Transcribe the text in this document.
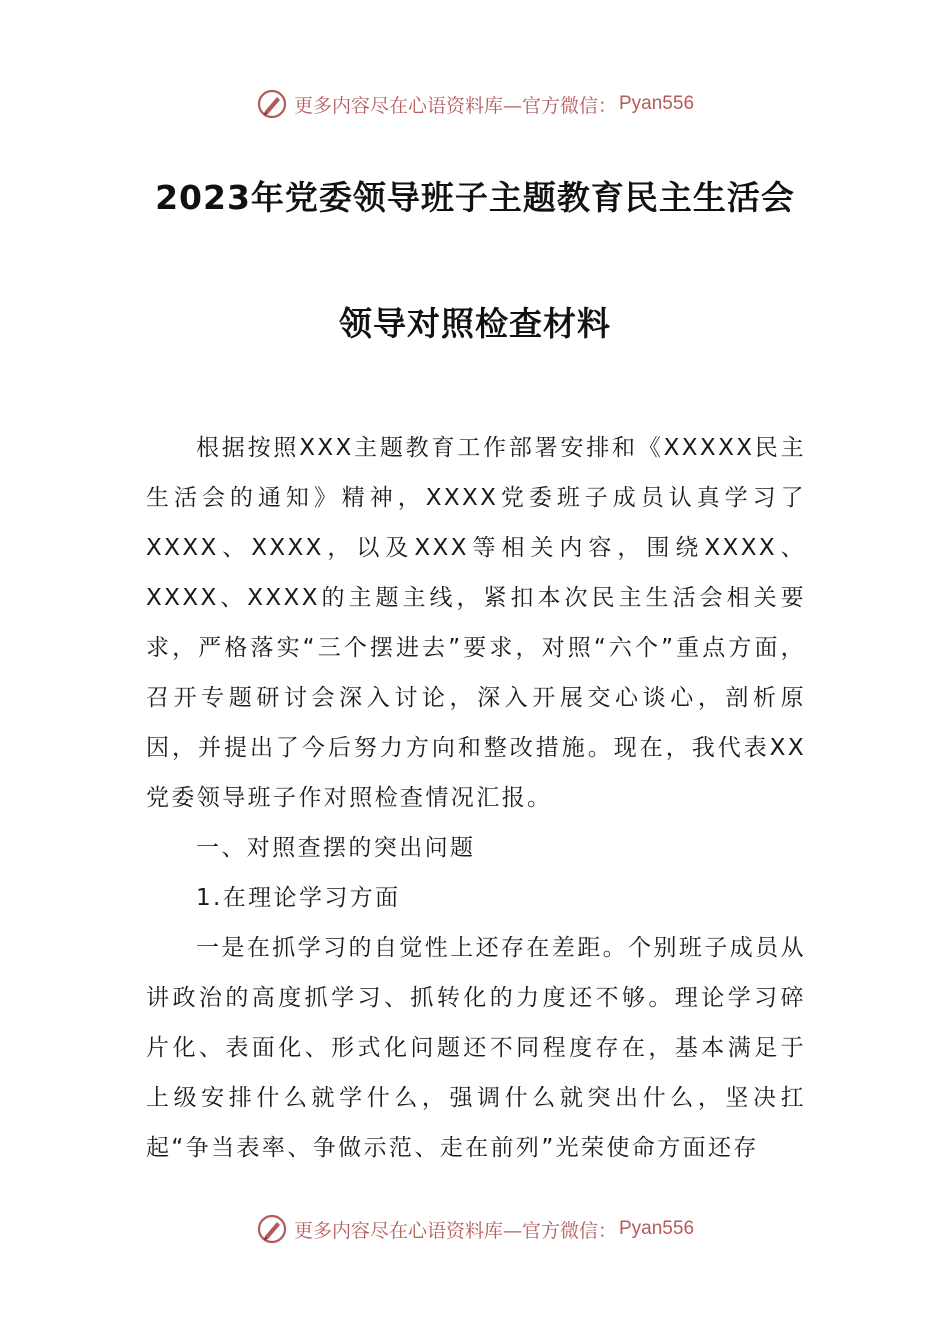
更多内容尽在心语资料库—官方微信： Pyan556
2023年党委领导班子主题教育民主生活会
领导对照检查材料
根据按照XXX主题教育工作部署安排和《XXXXX民主生活会的通知》精神，XXXX党委班子成员认真学习了XXXX、XXXX，以及XXX等相关内容，围绕XXXX、XXXX、XXXX的主题主线，紧扣本次民主生活会相关要求，严格落实“三个摆进去”要求，对照“六个”重点方面，召开专题研讨会深入讨论，深入开展交心谈心，剖析原因，并提出了今后努力方向和整改措施。现在，我代表XX党委领导班子作对照检查情况汇报。
一、对照查摆的突出问题
1.在理论学习方面
一是在抓学习的自觉性上还存在差距。个别班子成员从讲政治的高度抓学习、抓转化的力度还不够。理论学习碎片化、表面化、形式化问题还不同程度存在，基本满足于上级安排什么就学什么，强调什么就突出什么，坚决扛起“争当表率、争做示范、走在前列”光荣使命方面还存
更多内容尽在心语资料库—官方微信： Pyan556
